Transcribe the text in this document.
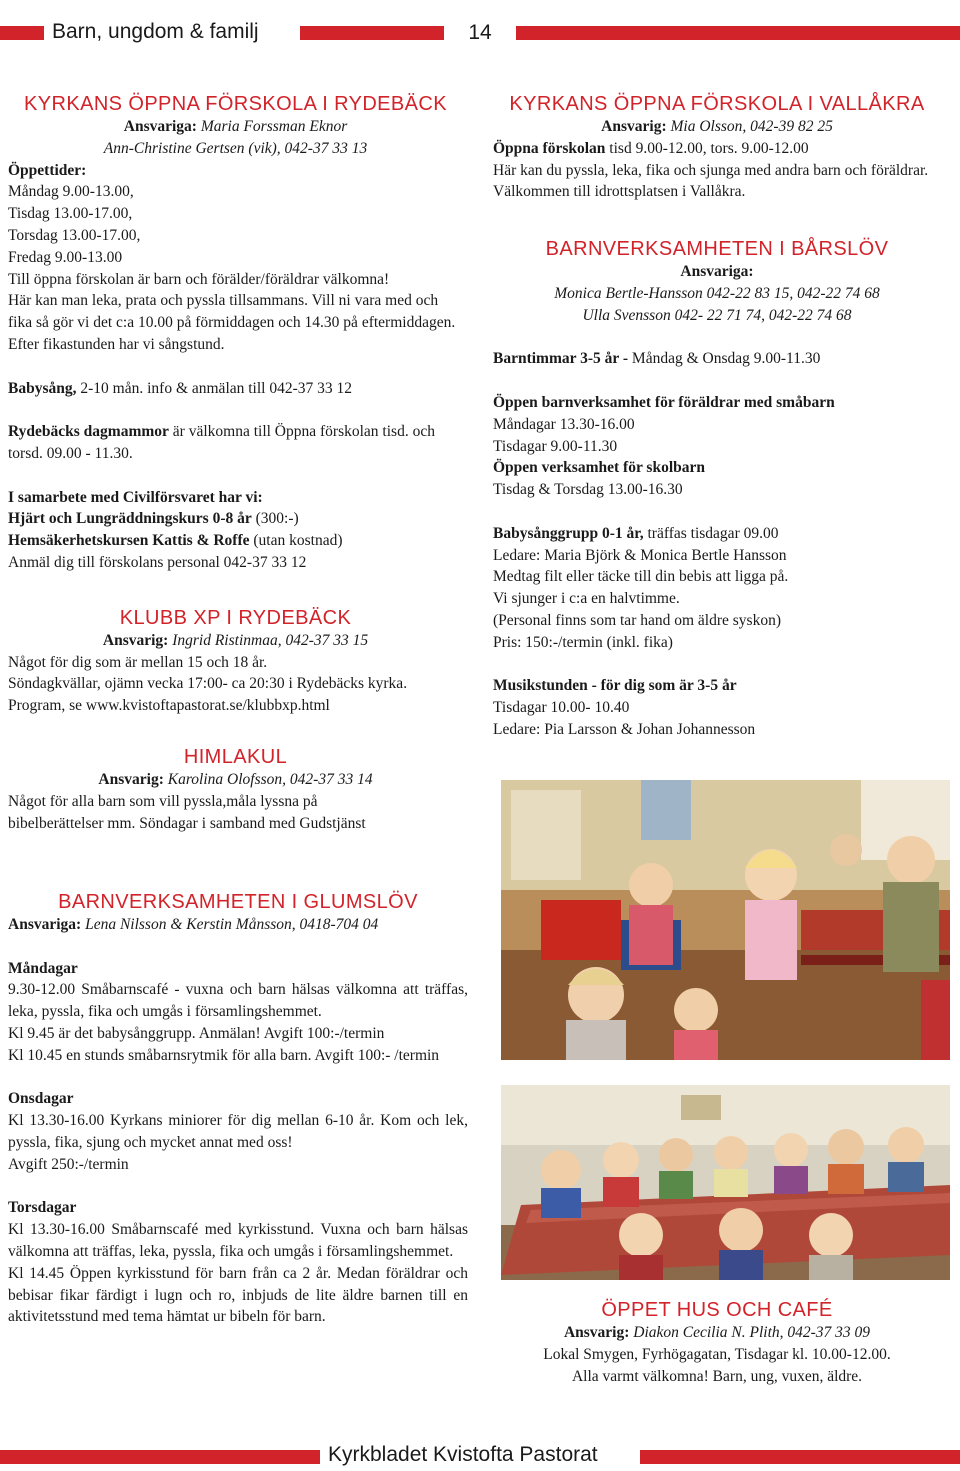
Barn, ungdom & familj	14
KYRKANS ÖPPNA FÖRSKOLA I RYDEBÄCK

Ansvariga: Maria Forssman Eknor

Ann-Christine Gertsen (vik), 042-37 33 13

Öppettider:

Måndag 9.00-13.00,

Tisdag 13.00-17.00,

Torsdag 13.00-17.00,

Fredag 9.00-13.00

Till öppna förskolan är barn och förälder/föräldrar välkomna!

Här kan man leka, prata och pyssla tillsammans. Vill ni vara med och fika så gör vi det c:a 10.00 på förmiddagen och 14.30 på eftermiddagen. Efter fikastunden har vi sångstund.

Babysång, 2-10 mån. info & anmälan till 042-37 33 12

Rydebäcks dagmammor är välkomna till Öppna förskolan tisd. och torsd. 09.00 - 11.30.

I samarbete med Civilförsvaret har vi:

Hjärt och Lungräddningskurs 0-8 år (300:-)

Hemsäkerhetskursen Kattis & Roffe (utan kostnad)

Anmäl dig till förskolans personal 042-37 33 12

KLUBB XP I RYDEBÄCK

Ansvarig: Ingrid Ristinmaa, 042-37 33 15

Något för dig som är mellan 15 och 18 år.

Söndagkvällar, ojämn vecka 17:00- ca 20:30 i Rydebäcks kyrka.

Program, se www.kvistoftapastorat.se/klubbxp.html

HIMLAKUL

Ansvarig: Karolina Olofsson, 042-37 33 14

Något för alla barn som vill pyssla,måla lyssna på

bibelberättelser mm. Söndagar i samband med Gudstjänst

BARNVERKSAMHETEN I GLUMSLÖV

Ansvariga: Lena Nilsson & Kerstin Månsson, 0418-704 04

Måndagar

9.30-12.00 Småbarnscafé - vuxna och barn hälsas välkomna att träffas, leka, pyssla, fika och umgås i församlingshemmet.

Kl 9.45 är det babysånggrupp. Anmälan! Avgift 100:-/termin

Kl 10.45 en stunds småbarnsrytmik för alla barn. Avgift 100:- /termin

Onsdagar

Kl 13.30-16.00 Kyrkans miniorer för dig mellan 6-10 år. Kom och lek, pyssla, fika, sjung och mycket annat med oss!

Avgift 250:-/termin

Torsdagar

Kl 13.30-16.00 Småbarnscafé med kyrkisstund. Vuxna och barn hälsas välkomna att träffas, leka, pyssla, fika och umgås i församlingshemmet.

Kl 14.45 Öppen kyrkisstund för barn från ca 2 år. Medan föräldrar och bebisar fikar färdigt i lugn och ro, inbjuds de lite äldre barnen till en aktivitetsstund med tema hämtat ur bibeln för barn.

KYRKANS ÖPPNA FÖRSKOLA I VALLÅKRA

Ansvarig: Mia Olsson, 042-39 82 25

Öppna förskolan tisd 9.00-12.00, tors. 9.00-12.00

Här kan du pyssla, leka, fika och sjunga med andra barn och föräldrar. Välkommen till idrottsplatsen i Vallåkra.

BARNVERKSAMHETEN I BÅRSLÖV

Ansvariga:

Monica Bertle-Hansson 042-22 83 15, 042-22 74 68

Ulla Svensson 042- 22 71 74, 042-22 74 68

Barntimmar 3-5 år - Måndag & Onsdag 9.00-11.30

Öppen barnverksamhet för föräldrar med småbarn

Måndagar 13.30-16.00

Tisdagar 9.00-11.30

Öppen verksamhet för skolbarn

Tisdag & Torsdag 13.00-16.30

Babysånggrupp 0-1 år, träffas tisdagar 09.00

Ledare: Maria Björk & Monica Bertle Hansson

Medtag filt eller täcke till din bebis att ligga på.

Vi sjunger i c:a en halvtimme.

(Personal finns som tar hand om äldre syskon)

Pris: 150:-/termin (inkl. fika)

Musikstunden - för dig som är 3-5 år

Tisdagar 10.00- 10.40

Ledare: Pia Larsson & Johan Johannesson

ÖPPET HUS OCH CAFÉ

Ansvarig: Diakon Cecilia N. Plith, 042-37 33 09

Lokal Smygen, Fyrhögagatan, Tisdagar kl. 10.00-12.00.

Alla varmt välkomna! Barn, ung, vuxen, äldre.

Kyrkbladet Kvistofta Pastorat
